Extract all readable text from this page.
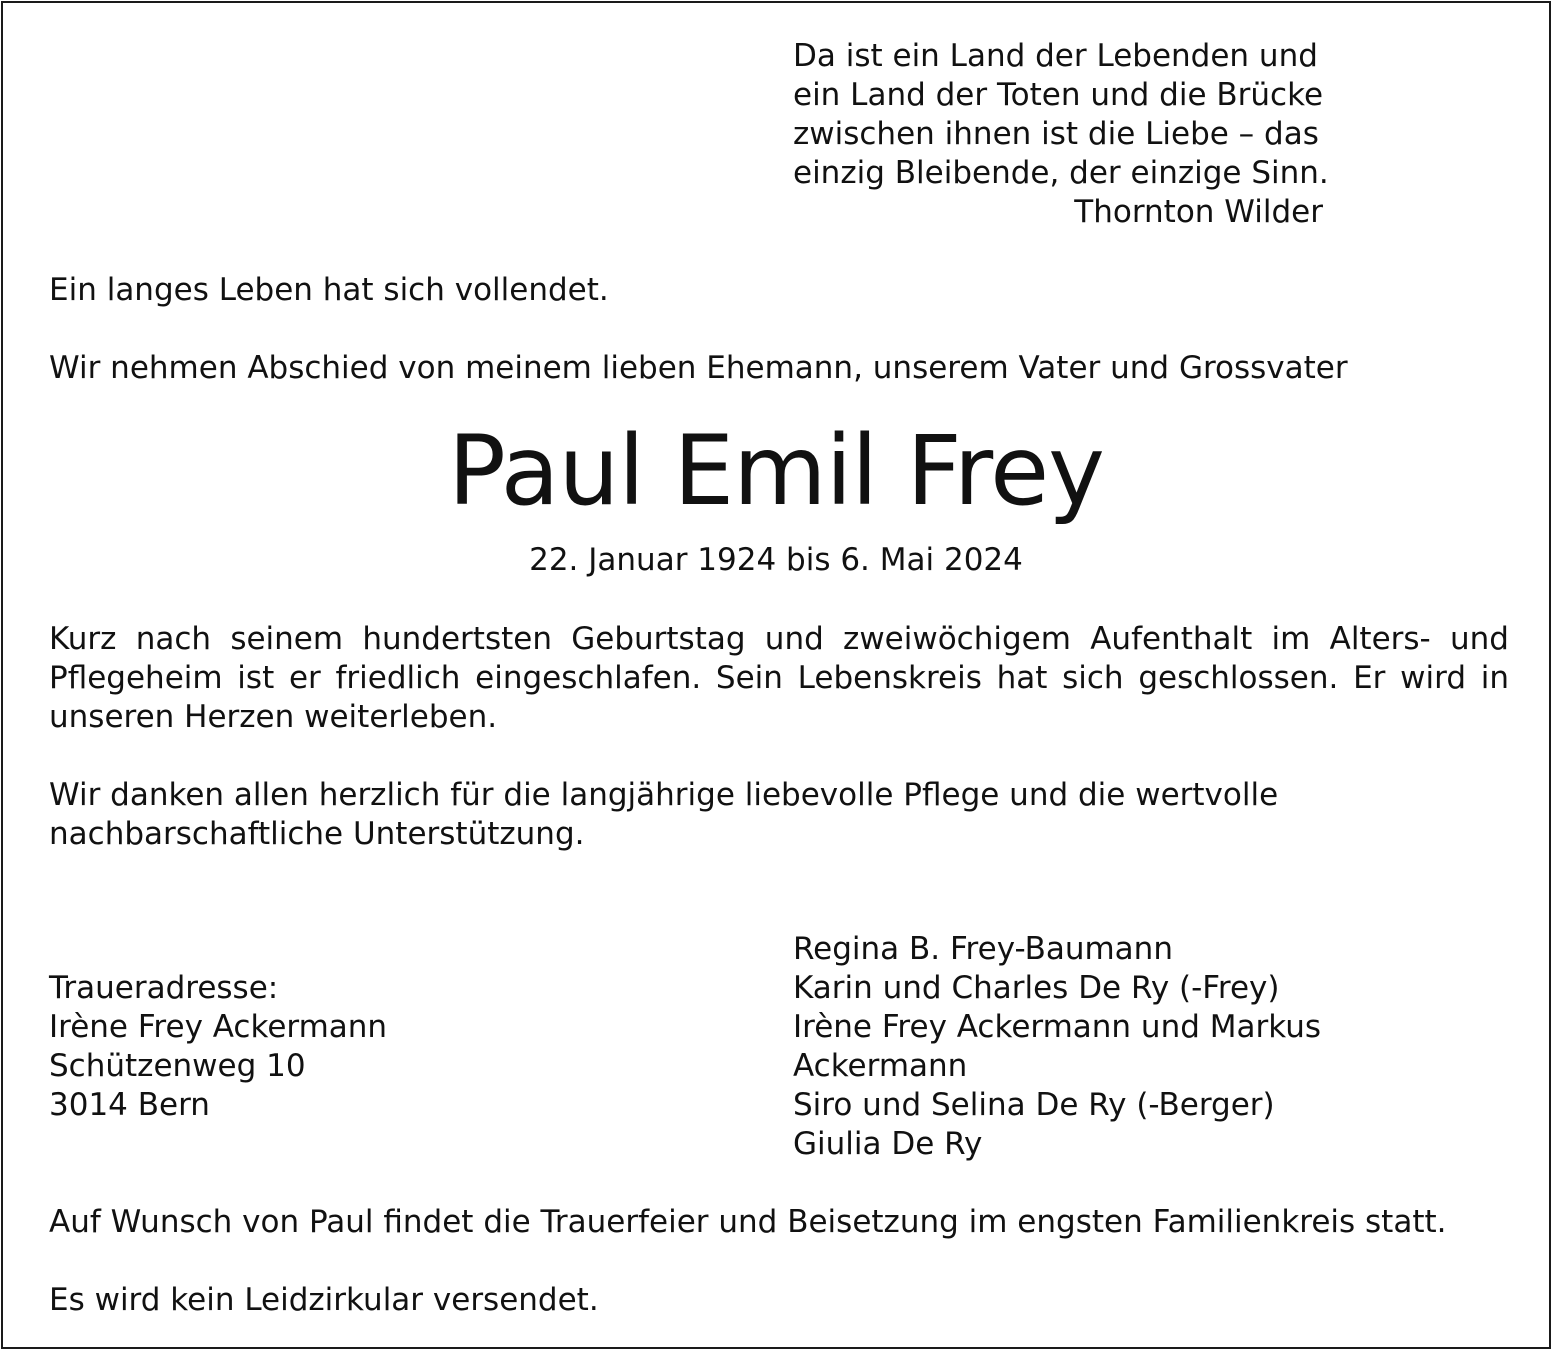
Da ist ein Land der Lebenden und
ein Land der Toten und die Brücke
zwischen ihnen ist die Liebe – das
einzig Bleibende, der einzige Sinn.
Thornton Wilder

Ein langes Leben hat sich vollendet.

Wir nehmen Abschied von meinem lieben Ehemann, unserem Vater und Grossvater

Paul Emil Frey

22. Januar 1924 bis 6. Mai 2024

Kurz nach seinem hundertsten Geburtstag und zweiwöchigem Aufenthalt im Alters- und
Pflegeheim ist er friedlich eingeschlafen. Sein Lebenskreis hat sich geschlossen. Er wird in
unseren Herzen weiterleben.
Wir danken allen herzlich für die langjährige liebevolle Pflege und die wertvolle
nachbarschaftliche Unterstützung.
Traueradresse:
Irène Frey Ackermann
Schützenweg 10
3014 Bern
Regina B. Frey-Baumann
Karin und Charles De Ry (-Frey)
Irène Frey Ackermann und Markus
Ackermann
Siro und Selina De Ry (-Berger)
Giulia De Ry

Auf Wunsch von Paul findet die Trauerfeier und Beisetzung im engsten Familienkreis statt.

Es wird kein Leidzirkular versendet.
